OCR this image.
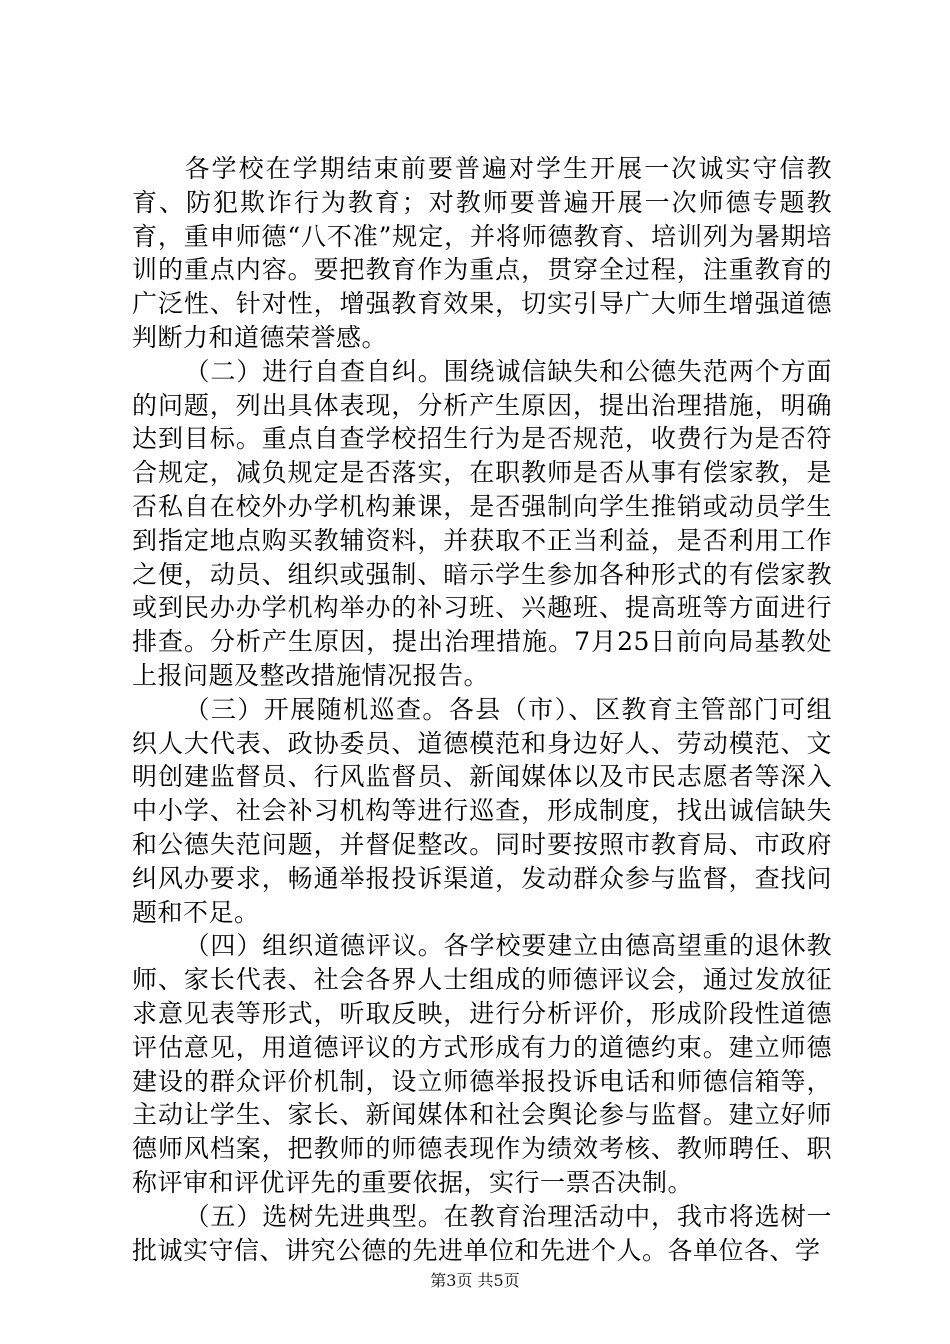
各学校在学期结束前要普遍对学生开展一次诚实守信教育、防犯欺诈行为教育；对教师要普遍开展一次师德专题教育，重申师德“八不准”规定，并将师德教育、培训列为暑期培训的重点内容。要把教育作为重点，贯穿全过程，注重教育的广泛性、针对性，增强教育效果，切实引导广大师生增强道德判断力和道德荣誉感。

（二）进行自查自纠。围绕诚信缺失和公德失范两个方面的问题，列出具体表现，分析产生原因，提出治理措施，明确达到目标。重点自查学校招生行为是否规范，收费行为是否符合规定，减负规定是否落实，在职教师是否从事有偿家教，是否私自在校外办学机构兼课，是否强制向学生推销或动员学生到指定地点购买教辅资料，并获取不正当利益，是否利用工作之便，动员、组织或强制、暗示学生参加各种形式的有偿家教或到民办办学机构举办的补习班、兴趣班、提高班等方面进行排查。分析产生原因，提出治理措施。7月25日前向局基教处上报问题及整改措施情况报告。

（三）开展随机巡查。各县（市）、区教育主管部门可组织人大代表、政协委员、道德模范和身边好人、劳动模范、文明创建监督员、行风监督员、新闻媒体以及市民志愿者等深入中小学、社会补习机构等进行巡查，形成制度，找出诚信缺失和公德失范问题，并督促整改。同时要按照市教育局、市政府纠风办要求，畅通举报投诉渠道，发动群众参与监督，查找问题和不足。

（四）组织道德评议。各学校要建立由德高望重的退休教师、家长代表、社会各界人士组成的师德评议会，通过发放征求意见表等形式，听取反映，进行分析评价，形成阶段性道德评估意见，用道德评议的方式形成有力的道德约束。建立师德建设的群众评价机制，设立师德举报投诉电话和师德信箱等，主动让学生、家长、新闻媒体和社会舆论参与监督。建立好师德师风档案，把教师的师德表现作为绩效考核、教师聘任、职称评审和评优评先的重要依据，实行一票否决制。

（五）选树先进典型。在教育治理活动中，我市将选树一批诚实守信、讲究公德的先进单位和先进个人。各单位各、学

第3页 共5页
